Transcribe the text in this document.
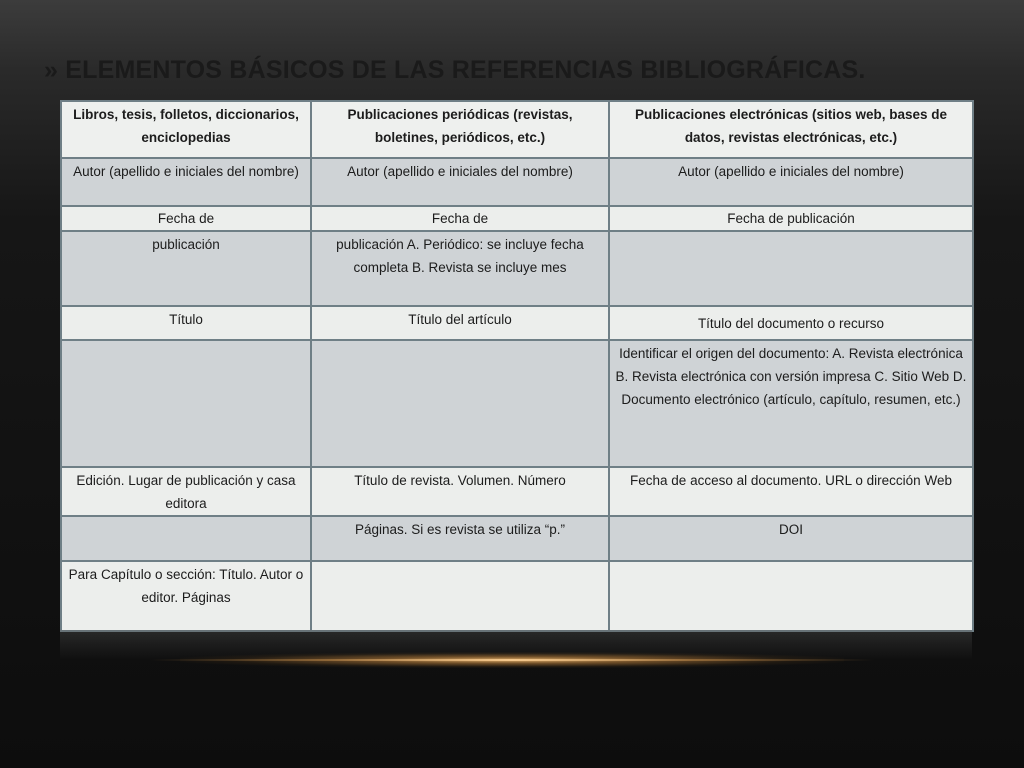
» ELEMENTOS BÁSICOS DE LAS REFERENCIAS BIBLIOGRÁFICAS.
Libros, tesis, folletos, diccionarios, enciclopedias	Publicaciones periódicas (revistas, boletines, periódicos, etc.)	Publicaciones electrónicas (sitios web, bases de datos, revistas electrónicas, etc.)
Autor (apellido e iniciales del nombre)	Autor (apellido e iniciales del nombre)	Autor (apellido e iniciales del nombre)
Fecha de	Fecha de	Fecha de publicación
publicación	publicación A. Periódico: se incluye fecha completa B. Revista se incluye mes	
Título	Título del artículo	Título del documento o recurso
		Identificar el origen del documento: A. Revista electrónica B. Revista electrónica con versión impresa C. Sitio Web D. Documento electrónico (artículo, capítulo, resumen, etc.)
Edición. Lugar de publicación y casa editora	Título de revista. Volumen. Número	Fecha de acceso al documento. URL o dirección Web
	Páginas. Si es revista se utiliza “p.”	DOI
Para Capítulo o sección: Título. Autor o editor. Páginas		
